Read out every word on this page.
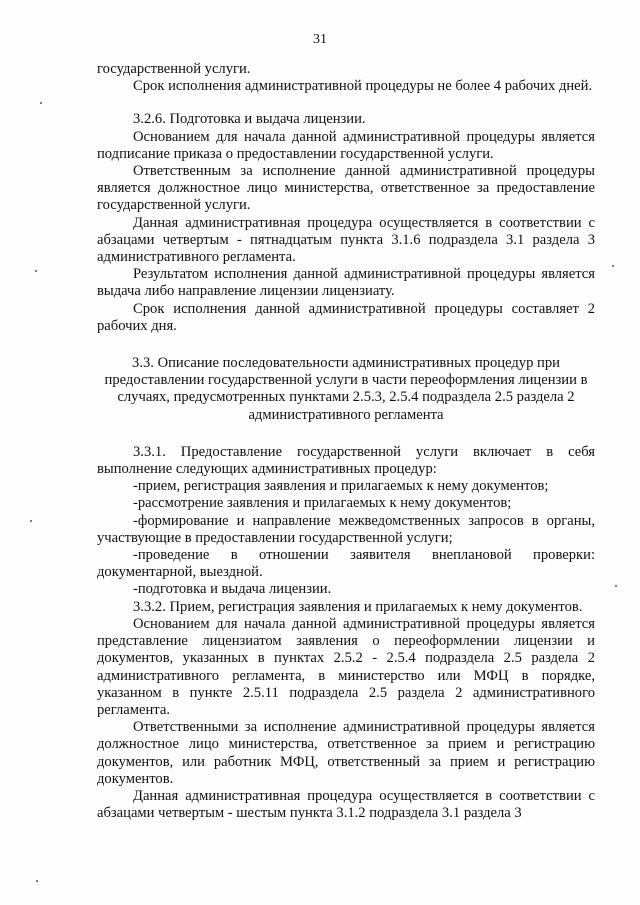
31

государственной услуги.

Срок исполнения административной процедуры не более 4 рабочих дней.

3.2.6. Подготовка и выдача лицензии.

Основанием для начала данной административной процедуры является подписание приказа о предоставлении государственной услуги.

Ответственным за исполнение данной административной процедуры является должностное лицо министерства, ответственное за предоставление государственной услуги.

Данная административная процедура осуществляется в соответствии с абзацами четвертым - пятнадцатым пункта 3.1.6 подраздела 3.1 раздела 3 административного регламента.

Результатом исполнения данной административной процедуры является выдача либо направление лицензии лицензиату.

Срок исполнения данной административной процедуры составляет 2 рабочих дня.

3.3. Описание последовательности административных процедур при предоставлении государственной услуги в части переоформления лицензии в случаях, предусмотренных пунктами 2.5.3, 2.5.4 подраздела 2.5 раздела 2 административного регламента

3.3.1. Предоставление государственной услуги включает в себя выполнение следующих административных процедур:

-прием, регистрация заявления и прилагаемых к нему документов;

-рассмотрение заявления и прилагаемых к нему документов;

-формирование и направление межведомственных запросов в органы, участвующие в предоставлении государственной услуги;

-проведение в отношении заявителя внеплановой проверки: документарной, выездной.

-подготовка и выдача лицензии.

3.3.2. Прием, регистрация заявления и прилагаемых к нему документов.

Основанием для начала данной административной процедуры является представление лицензиатом заявления о переоформлении лицензии и документов, указанных в пунктах 2.5.2 - 2.5.4 подраздела 2.5 раздела 2 административного регламента, в министерство или МФЦ в порядке, указанном в пункте 2.5.11 подраздела 2.5 раздела 2 административного регламента.

Ответственными за исполнение административной процедуры является должностное лицо министерства, ответственное за прием и регистрацию документов, или работник МФЦ, ответственный за прием и регистрацию документов.

Данная административная процедура осуществляется в соответствии с абзацами четвертым - шестым пункта 3.1.2 подраздела 3.1 раздела 3
